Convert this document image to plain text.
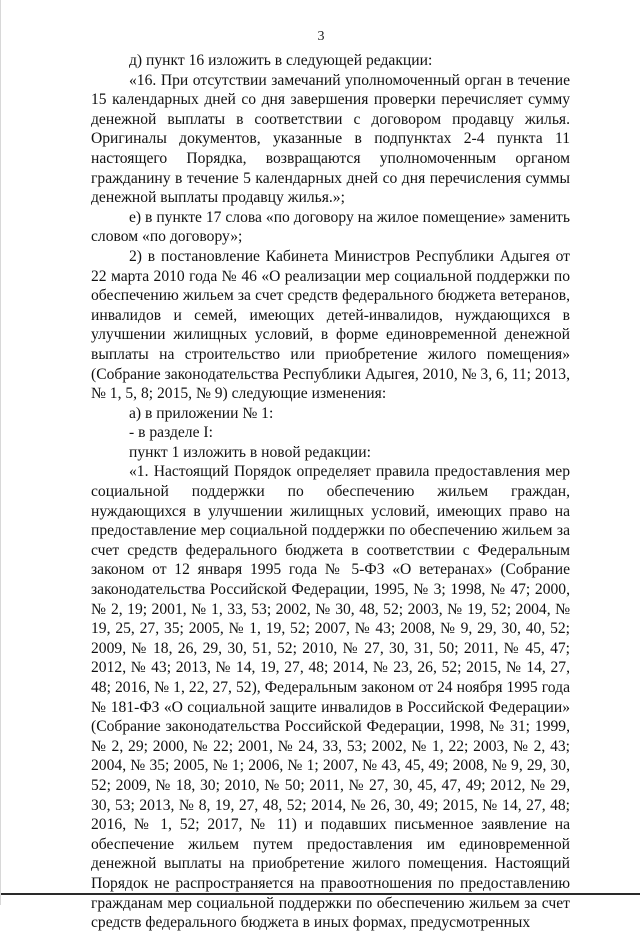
3

д) пункт 16 изложить в следующей редакции:

«16. При отсутствии замечаний уполномоченный орган в течение 15 календарных дней со дня завершения проверки перечисляет сумму денежной выплаты в соответствии с договором продавцу жилья. Оригиналы документов, указанные в подпунктах 2-4 пункта 11 настоящего Порядка, возвращаются уполномоченным органом гражданину в течение 5 календарных дней со дня перечисления суммы денежной выплаты продавцу жилья.»;

е) в пункте 17 слова «по договору на жилое помещение» заменить словом «по договору»;

2) в постановление Кабинета Министров Республики Адыгея от 22 марта 2010 года № 46 «О реализации мер социальной поддержки по обеспечению жильем за счет средств федерального бюджета ветеранов, инвалидов и семей, имеющих детей-инвалидов, нуждающихся в улучшении жилищных условий, в форме единовременной денежной выплаты на строительство или приобретение жилого помещения» (Собрание законодательства Республики Адыгея, 2010, № 3, 6, 11; 2013, № 1, 5, 8; 2015, № 9) следующие изменения:

а) в приложении № 1:

- в разделе I:

пункт 1 изложить в новой редакции:

«1. Настоящий Порядок определяет правила предоставления мер социальной поддержки по обеспечению жильем граждан, нуждающихся в улучшении жилищных условий, имеющих право на предоставление мер социальной поддержки по обеспечению жильем за счет средств федерального бюджета в соответствии с Федеральным законом от 12 января 1995 года № 5-ФЗ «О ветеранах» (Собрание законодательства Российской Федерации, 1995, № 3; 1998, № 47; 2000, № 2, 19; 2001, № 1, 33, 53; 2002, № 30, 48, 52; 2003, № 19, 52; 2004, № 19, 25, 27, 35; 2005, № 1, 19, 52; 2007, № 43; 2008, № 9, 29, 30, 40, 52; 2009, № 18, 26, 29, 30, 51, 52; 2010, № 27, 30, 31, 50; 2011, № 45, 47; 2012, № 43; 2013, № 14, 19, 27, 48; 2014, № 23, 26, 52; 2015, № 14, 27, 48; 2016, № 1, 22, 27, 52), Федеральным законом от 24 ноября 1995 года № 181-ФЗ «О социальной защите инвалидов в Российской Федерации» (Собрание законодательства Российской Федерации, 1998, № 31; 1999, № 2, 29; 2000, № 22; 2001, № 24, 33, 53; 2002, № 1, 22; 2003, № 2, 43; 2004, № 35; 2005, № 1; 2006, № 1; 2007, № 43, 45, 49; 2008, № 9, 29, 30, 52; 2009, № 18, 30; 2010, № 50; 2011, № 27, 30, 45, 47, 49; 2012, № 29, 30, 53; 2013, № 8, 19, 27, 48, 52; 2014, № 26, 30, 49; 2015, № 14, 27, 48; 2016, № 1, 52; 2017, № 11) и подавших письменное заявление на обеспечение жильем путем предоставления им единовременной денежной выплаты на приобретение жилого помещения. Настоящий Порядок не распространяется на правоотношения по предоставлению гражданам мер социальной поддержки по обеспечению жильем за счет средств федерального бюджета в иных формах, предусмотренных
